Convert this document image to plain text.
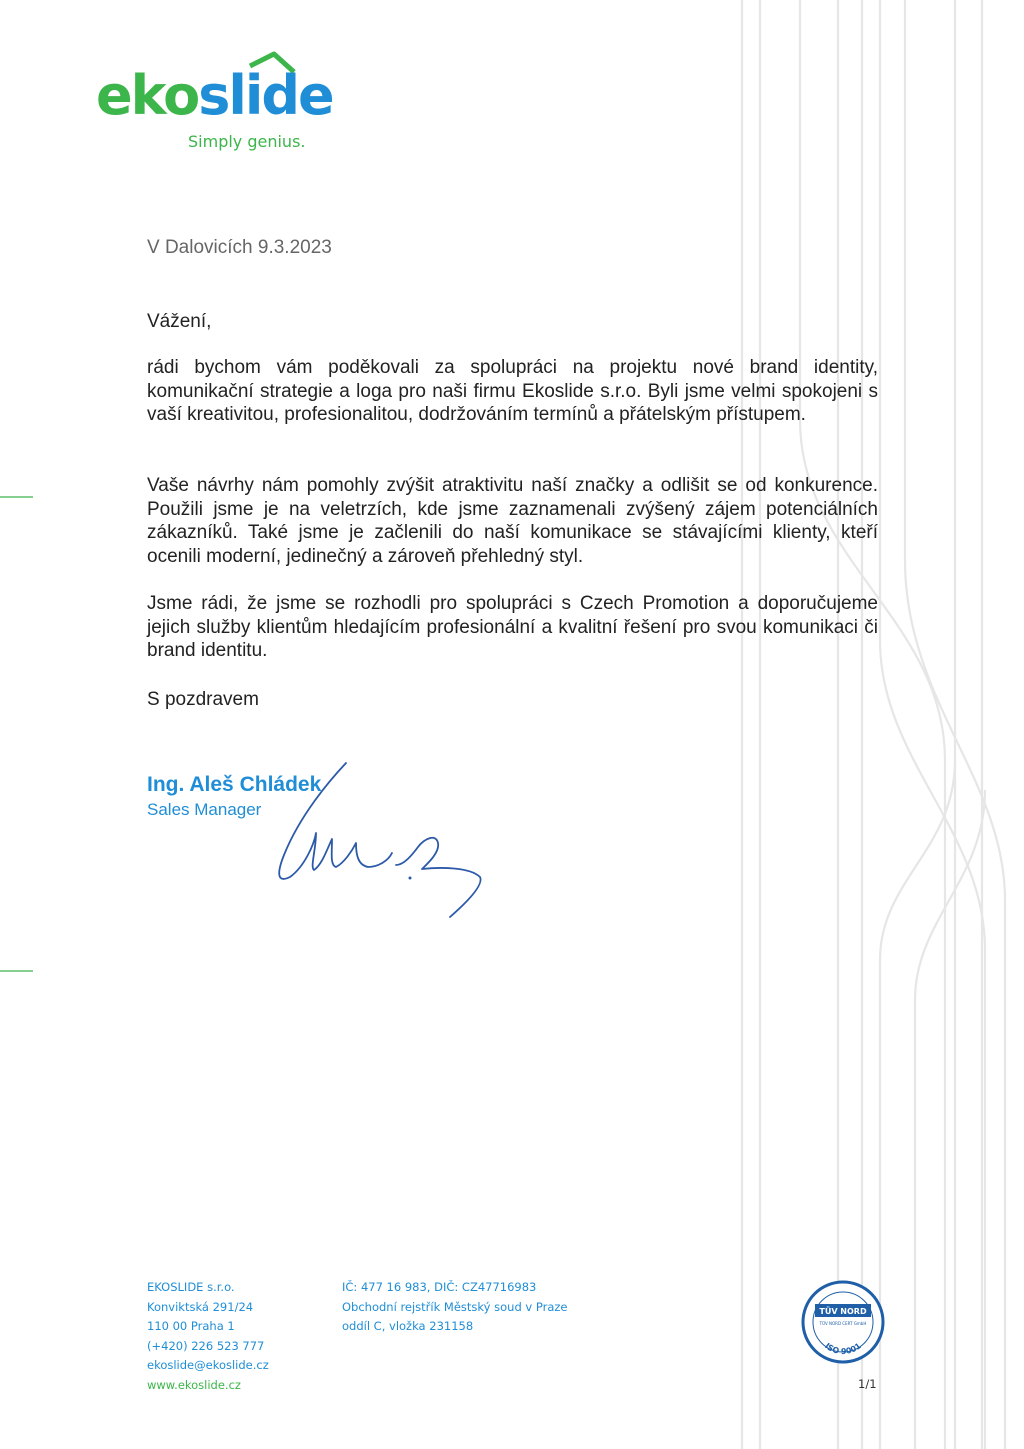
ekoslide
Simply genius.
V Dalovicích 9.3.2023
Vážení,
rádi bychom vám poděkovali za spolupráci na projektu nové brand identity, komunikační strategie a loga pro naši firmu Ekoslide s.r.o. Byli jsme velmi spokojeni s vaší kreativitou, profesionalitou, dodržováním termínů a přátelským přístupem.
Vaše návrhy nám pomohly zvýšit atraktivitu naší značky a odlišit se od konkurence. Použili jsme je na veletrzích, kde jsme zaznamenali zvýšený zájem potenciálních zákazníků. Také jsme je začlenili do naší komunikace se stávajícími klienty, kteří ocenili moderní, jedinečný a zároveň přehledný styl.
Jsme rádi, že jsme se rozhodli pro spolupráci s Czech Promotion a doporučujeme jejich služby klientům hledajícím profesionální a kvalitní řešení pro svou komunikaci či brand identitu.
S pozdravem
Ing. Aleš Chládek
Sales Manager
EKOSLIDE s.r.o.
Konviktská 291/24
110 00 Praha 1
(+420) 226 523 777
ekoslide@ekoslide.cz
www.ekoslide.cz
IČ: 477 16 983, DIČ: CZ47716983
Obchodní rejstřík Městský soud v Praze
oddíl C, vložka 231158
TÜV NORD
TÜV NORD CERT GmbH
ISO 9001
1/1
